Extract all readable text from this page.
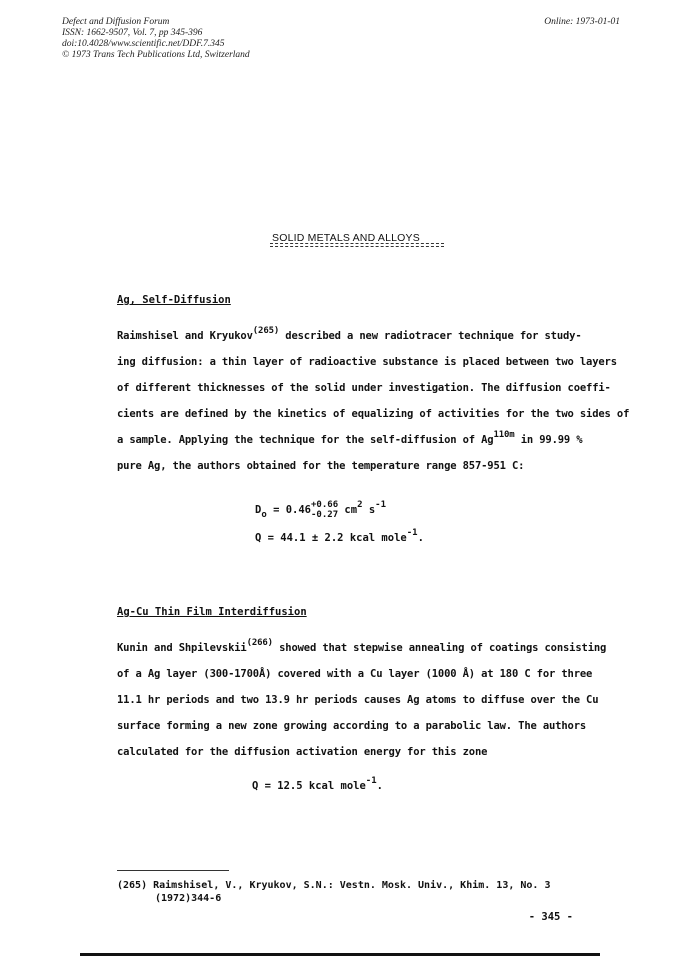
Defect and Diffusion Forum
ISSN: 1662-9507, Vol. 7, pp 345-396
doi:10.4028/www.scientific.net/DDF.7.345
© 1973 Trans Tech Publications Ltd, Switzerland
Online: 1973-01-01
SOLID METALS AND ALLOYS
Ag, Self-Diffusion
Raimshisel and Kryukov(265) described a new radiotracer technique for study-
ing diffusion: a thin layer of radioactive substance is placed between two layers
of different thicknesses of the solid under investigation. The diffusion coeffi-
cients are defined by the kinetics of equalizing of activities for the two sides of
a sample. Applying the technique for the self-diffusion of Ag110m in 99.99 %
pure Ag, the authors obtained for the temperature range 857-951 C:
Do = 0.46+0.66
-0.27 cm2 s-1
Q = 44.1 ± 2.2 kcal mole-1.
Ag-Cu Thin Film Interdiffusion
Kunin and Shpilevskii(266) showed that stepwise annealing of coatings consisting
of a Ag layer (300-1700Å) covered with a Cu layer (1000 Å) at 180 C for three
11.1 hr periods and two 13.9 hr periods causes Ag atoms to diffuse over the Cu
surface forming a new zone growing according to a parabolic law. The authors
calculated for the diffusion activation energy for this zone
Q = 12.5 kcal mole-1.
(265) Raimshisel, V., Kryukov, S.N.: Vestn. Mosk. Univ., Khim. 13, No. 3
(1972)344-6
- 345 -
